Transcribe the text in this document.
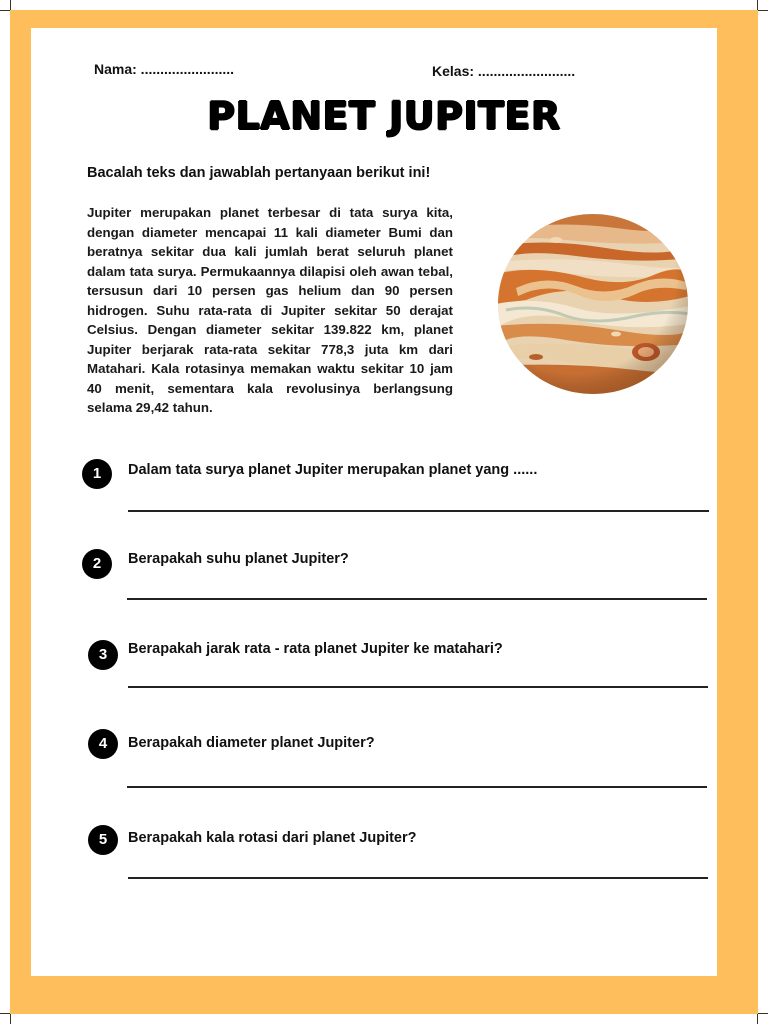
Nama: ........................	Kelas: .........................
PLANET JUPITER
Bacalah teks dan jawablah pertanyaan berikut ini!
Jupiter merupakan planet terbesar di tata surya kita, dengan diameter mencapai 11 kali diameter Bumi dan beratnya sekitar dua kali jumlah berat seluruh planet dalam tata surya. Permukaannya dilapisi oleh awan tebal, tersusun dari 10 persen gas helium dan 90 persen hidrogen. Suhu rata-rata di Jupiter sekitar 50 derajat Celsius. Dengan diameter sekitar 139.822 km, planet Jupiter berjarak rata-rata sekitar 778,3 juta km dari Matahari. Kala rotasinya memakan waktu sekitar 10 jam 40 menit, sementara kala revolusinya berlangsung selama 29,42 tahun.
1	Dalam tata surya planet Jupiter merupakan planet yang ......
2	Berapakah suhu planet Jupiter?
3	Berapakah jarak rata - rata planet Jupiter ke matahari?
4	Berapakah diameter planet Jupiter?
5	Berapakah kala rotasi dari planet Jupiter?
